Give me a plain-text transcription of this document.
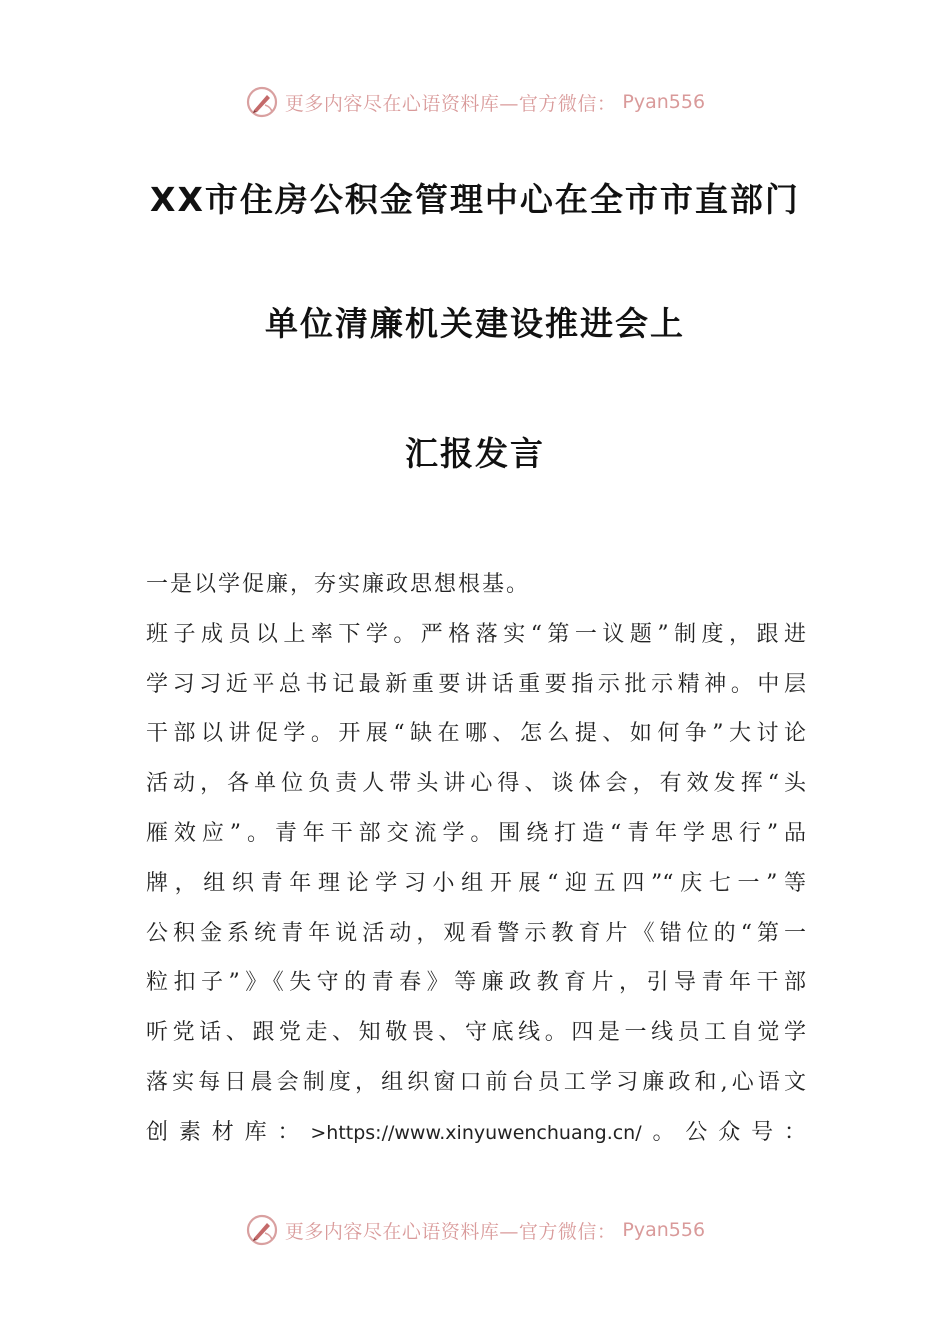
更多内容尽在心语资料库—官方微信： Pyan556
XX市住房公积金管理中心在全市市直部门
单位清廉机关建设推进会上
汇报发言
一是以学促廉，夯实廉政思想根基。
班子成员以上率下学。严格落实“第一议题”制度，跟进
学习习近平总书记最新重要讲话重要指示批示精神。中层
干部以讲促学。开展“缺在哪、怎么提、如何争”大讨论
活动，各单位负责人带头讲心得、谈体会，有效发挥“头
雁效应”。青年干部交流学。围绕打造“青年学思行”品
牌，组织青年理论学习小组开展“迎五四”“庆七一”等
公积金系统青年说活动，观看警示教育片《错位的“第一
粒扣子”》《失守的青春》等廉政教育片，引导青年干部
听党话、跟党走、知敬畏、守底线。四是一线员工自觉学
落实每日晨会制度，组织窗口前台员工学习廉政和,心语文
创素材库：>https://www.xinyuwenchuang.cn/。公众号：
更多内容尽在心语资料库—官方微信： Pyan556
